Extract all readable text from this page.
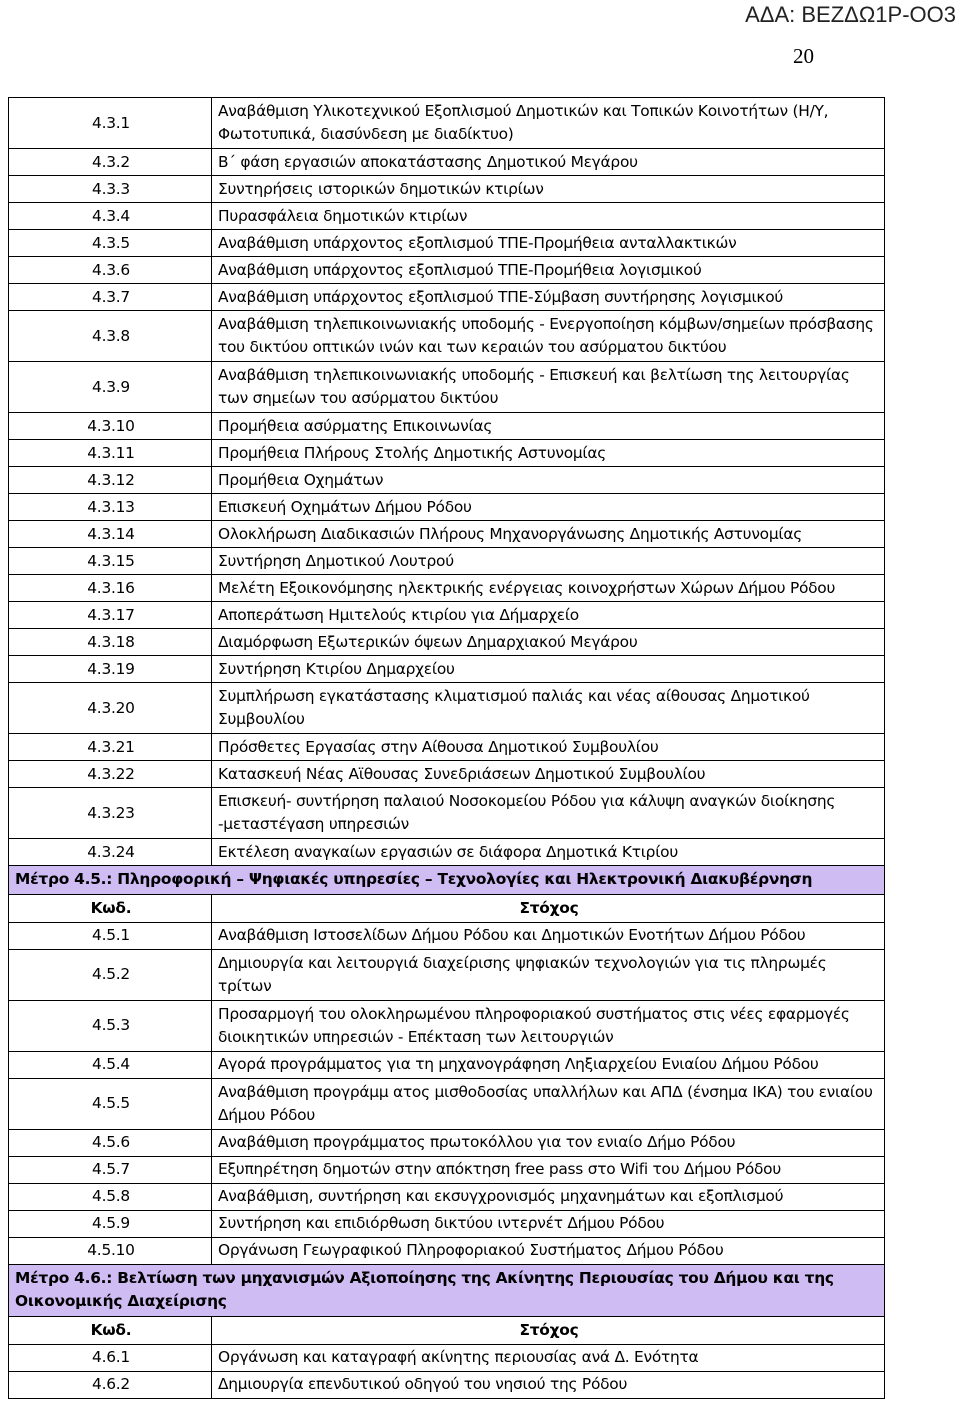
ΑΔΑ: ΒΕΖΔΩ1Ρ-ΟΟ3
20
4.3.1	Αναβάθμιση Υλικοτεχνικού Εξοπλισμού Δημοτικών και Τοπικών Κοινοτήτων (Η/Υ, Φωτοτυπικά, διασύνδεση με διαδίκτυο)
4.3.2	Β΄ φάση εργασιών αποκατάστασης Δημοτικού Μεγάρου
4.3.3	Συντηρήσεις ιστορικών δημοτικών κτιρίων
4.3.4	Πυρασφάλεια δημοτικών κτιρίων
4.3.5	Αναβάθμιση υπάρχοντος εξοπλισμού ΤΠΕ-Προμήθεια ανταλλακτικών
4.3.6	Αναβάθμιση υπάρχοντος εξοπλισμού ΤΠΕ-Προμήθεια λογισμικού
4.3.7	Αναβάθμιση υπάρχοντος εξοπλισμού ΤΠΕ-Σύμβαση συντήρησης λογισμικού
4.3.8	Αναβάθμιση τηλεπικοινωνιακής υποδομής - Ενεργοποίηση κόμβων/σημείων πρόσβασης του δικτύου οπτικών ινών και των κεραιών του ασύρματου δικτύου
4.3.9	Αναβάθμιση τηλεπικοινωνιακής υποδομής - Επισκευή και βελτίωση της λειτουργίας των σημείων του ασύρματου δικτύου
4.3.10	Προμήθεια ασύρματης Επικοινωνίας
4.3.11	Προμήθεια Πλήρους Στολής Δημοτικής Αστυνομίας
4.3.12	Προμήθεια Οχημάτων
4.3.13	Επισκευή Οχημάτων Δήμου Ρόδου
4.3.14	Ολοκλήρωση Διαδικασιών Πλήρους Μηχανοργάνωσης Δημοτικής Αστυνομίας
4.3.15	Συντήρηση Δημοτικού Λουτρού
4.3.16	Μελέτη Εξοικονόμησης ηλεκτρικής ενέργειας κοινοχρήστων Χώρων Δήμου Ρόδου
4.3.17	Αποπεράτωση Ημιτελούς κτιρίου για Δήμαρχείο
4.3.18	Διαμόρφωση Εξωτερικών όψεων Δημαρχιακού Μεγάρου
4.3.19	Συντήρηση Κτιρίου Δημαρχείου
4.3.20	Συμπλήρωση εγκατάστασης κλιματισμού παλιάς και νέας αίθουσας Δημοτικού Συμβουλίου
4.3.21	Πρόσθετες Εργασίας στην Αίθουσα Δημοτικού Συμβουλίου
4.3.22	Κατασκευή Νέας Αϊθουσας Συνεδριάσεων Δημοτικού Συμβουλίου
4.3.23	Επισκευή- συντήρηση παλαιού Νοσοκομείου Ρόδου για κάλυψη αναγκών διοίκησης -μεταστέγαση υπηρεσιών
4.3.24	Εκτέλεση αναγκαίων εργασιών σε διάφορα Δημοτικά Κτιρίου
Μέτρο 4.5.: Πληροφορική – Ψηφιακές υπηρεσίες – Τεχνολογίες και Ηλεκτρονική Διακυβέρνηση	
Κωδ.	Στόχος
4.5.1	Αναβάθμιση Ιστοσελίδων Δήμου Ρόδου και Δημοτικών Ενοτήτων Δήμου Ρόδου
4.5.2	Δημιουργία και λειτουργιά διαχείρισης ψηφιακών τεχνολογιών για τις πληρωμές τρίτων
4.5.3	Προσαρμογή του ολοκληρωμένου πληροφοριακού συστήματος στις νέες εφαρμογές διοικητικών υπηρεσιών - Επέκταση των λειτουργιών
4.5.4	Αγορά προγράμματος για τη μηχανογράφηση Ληξιαρχείου Ενιαίου Δήμου Ρόδου
4.5.5	Αναβάθμιση προγράμμ ατος μισθοδοσίας υπαλλήλων και ΑΠΔ (ένσημα ΙΚΑ) του ενιαίου Δήμου Ρόδου
4.5.6	Αναβάθμιση προγράμματος πρωτοκόλλου για τον ενιαίο Δήμο Ρόδου
4.5.7	Εξυπηρέτηση δημοτών στην απόκτηση free pass στο Wifi του Δήμου Ρόδου
4.5.8	Αναβάθμιση, συντήρηση και εκσυγχρονισμός μηχανημάτων και εξοπλισμού
4.5.9	Συντήρηση και επιδιόρθωση δικτύου ιντερνέτ Δήμου Ρόδου
4.5.10	Οργάνωση Γεωγραφικού Πληροφοριακού Συστήματος Δήμου Ρόδου
Μέτρο 4.6.: Βελτίωση των μηχανισμών Αξιοποίησης της Ακίνητης Περιουσίας του Δήμου και της Οικονομικής Διαχείρισης	
Κωδ.	Στόχος
4.6.1	Οργάνωση και καταγραφή ακίνητης περιουσίας ανά Δ. Ενότητα
4.6.2	Δημιουργία επενδυτικού οδηγού του νησιού της Ρόδου
